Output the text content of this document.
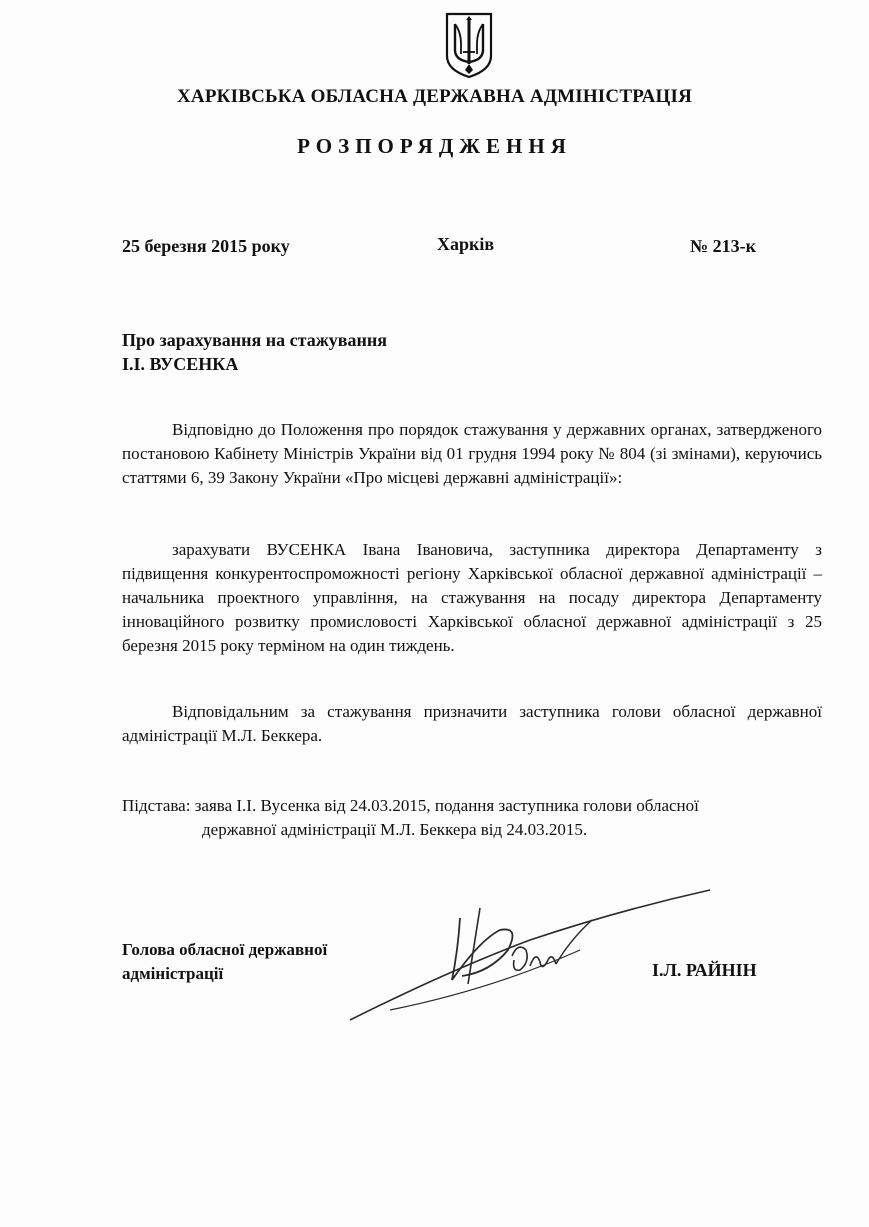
ХАРКІВСЬКА ОБЛАСНА ДЕРЖАВНА АДМІНІСТРАЦІЯ
РОЗПОРЯДЖЕННЯ
25 березня 2015 року	Харків	№ 213-к
Про зарахування на стажування
І.І. ВУСЕНКА
Відповідно до Положення про порядок стажування у державних органах, затвердженого постановою Кабінету Міністрів України від 01 грудня 1994 року № 804 (зі змінами), керуючись статтями 6, 39 Закону України «Про місцеві державні адміністрації»:
зарахувати ВУСЕНКА Івана Івановича, заступника директора Департаменту з підвищення конкурентоспроможності регіону Харківської обласної державної адміністрації – начальника проектного управління, на стажування на посаду директора Департаменту інноваційного розвитку промисловості Харківської обласної державної адміністрації з 25 березня 2015 року терміном на один тиждень.
Відповідальним за стажування призначити заступника голови обласної державної адміністрації М.Л. Беккера.
Підстава: заява І.І. Вусенка від 24.03.2015, подання заступника голови обласної
державної адміністрації М.Л. Беккера від 24.03.2015.
Голова обласної державної
адміністрації	І.Л. РАЙНІН
